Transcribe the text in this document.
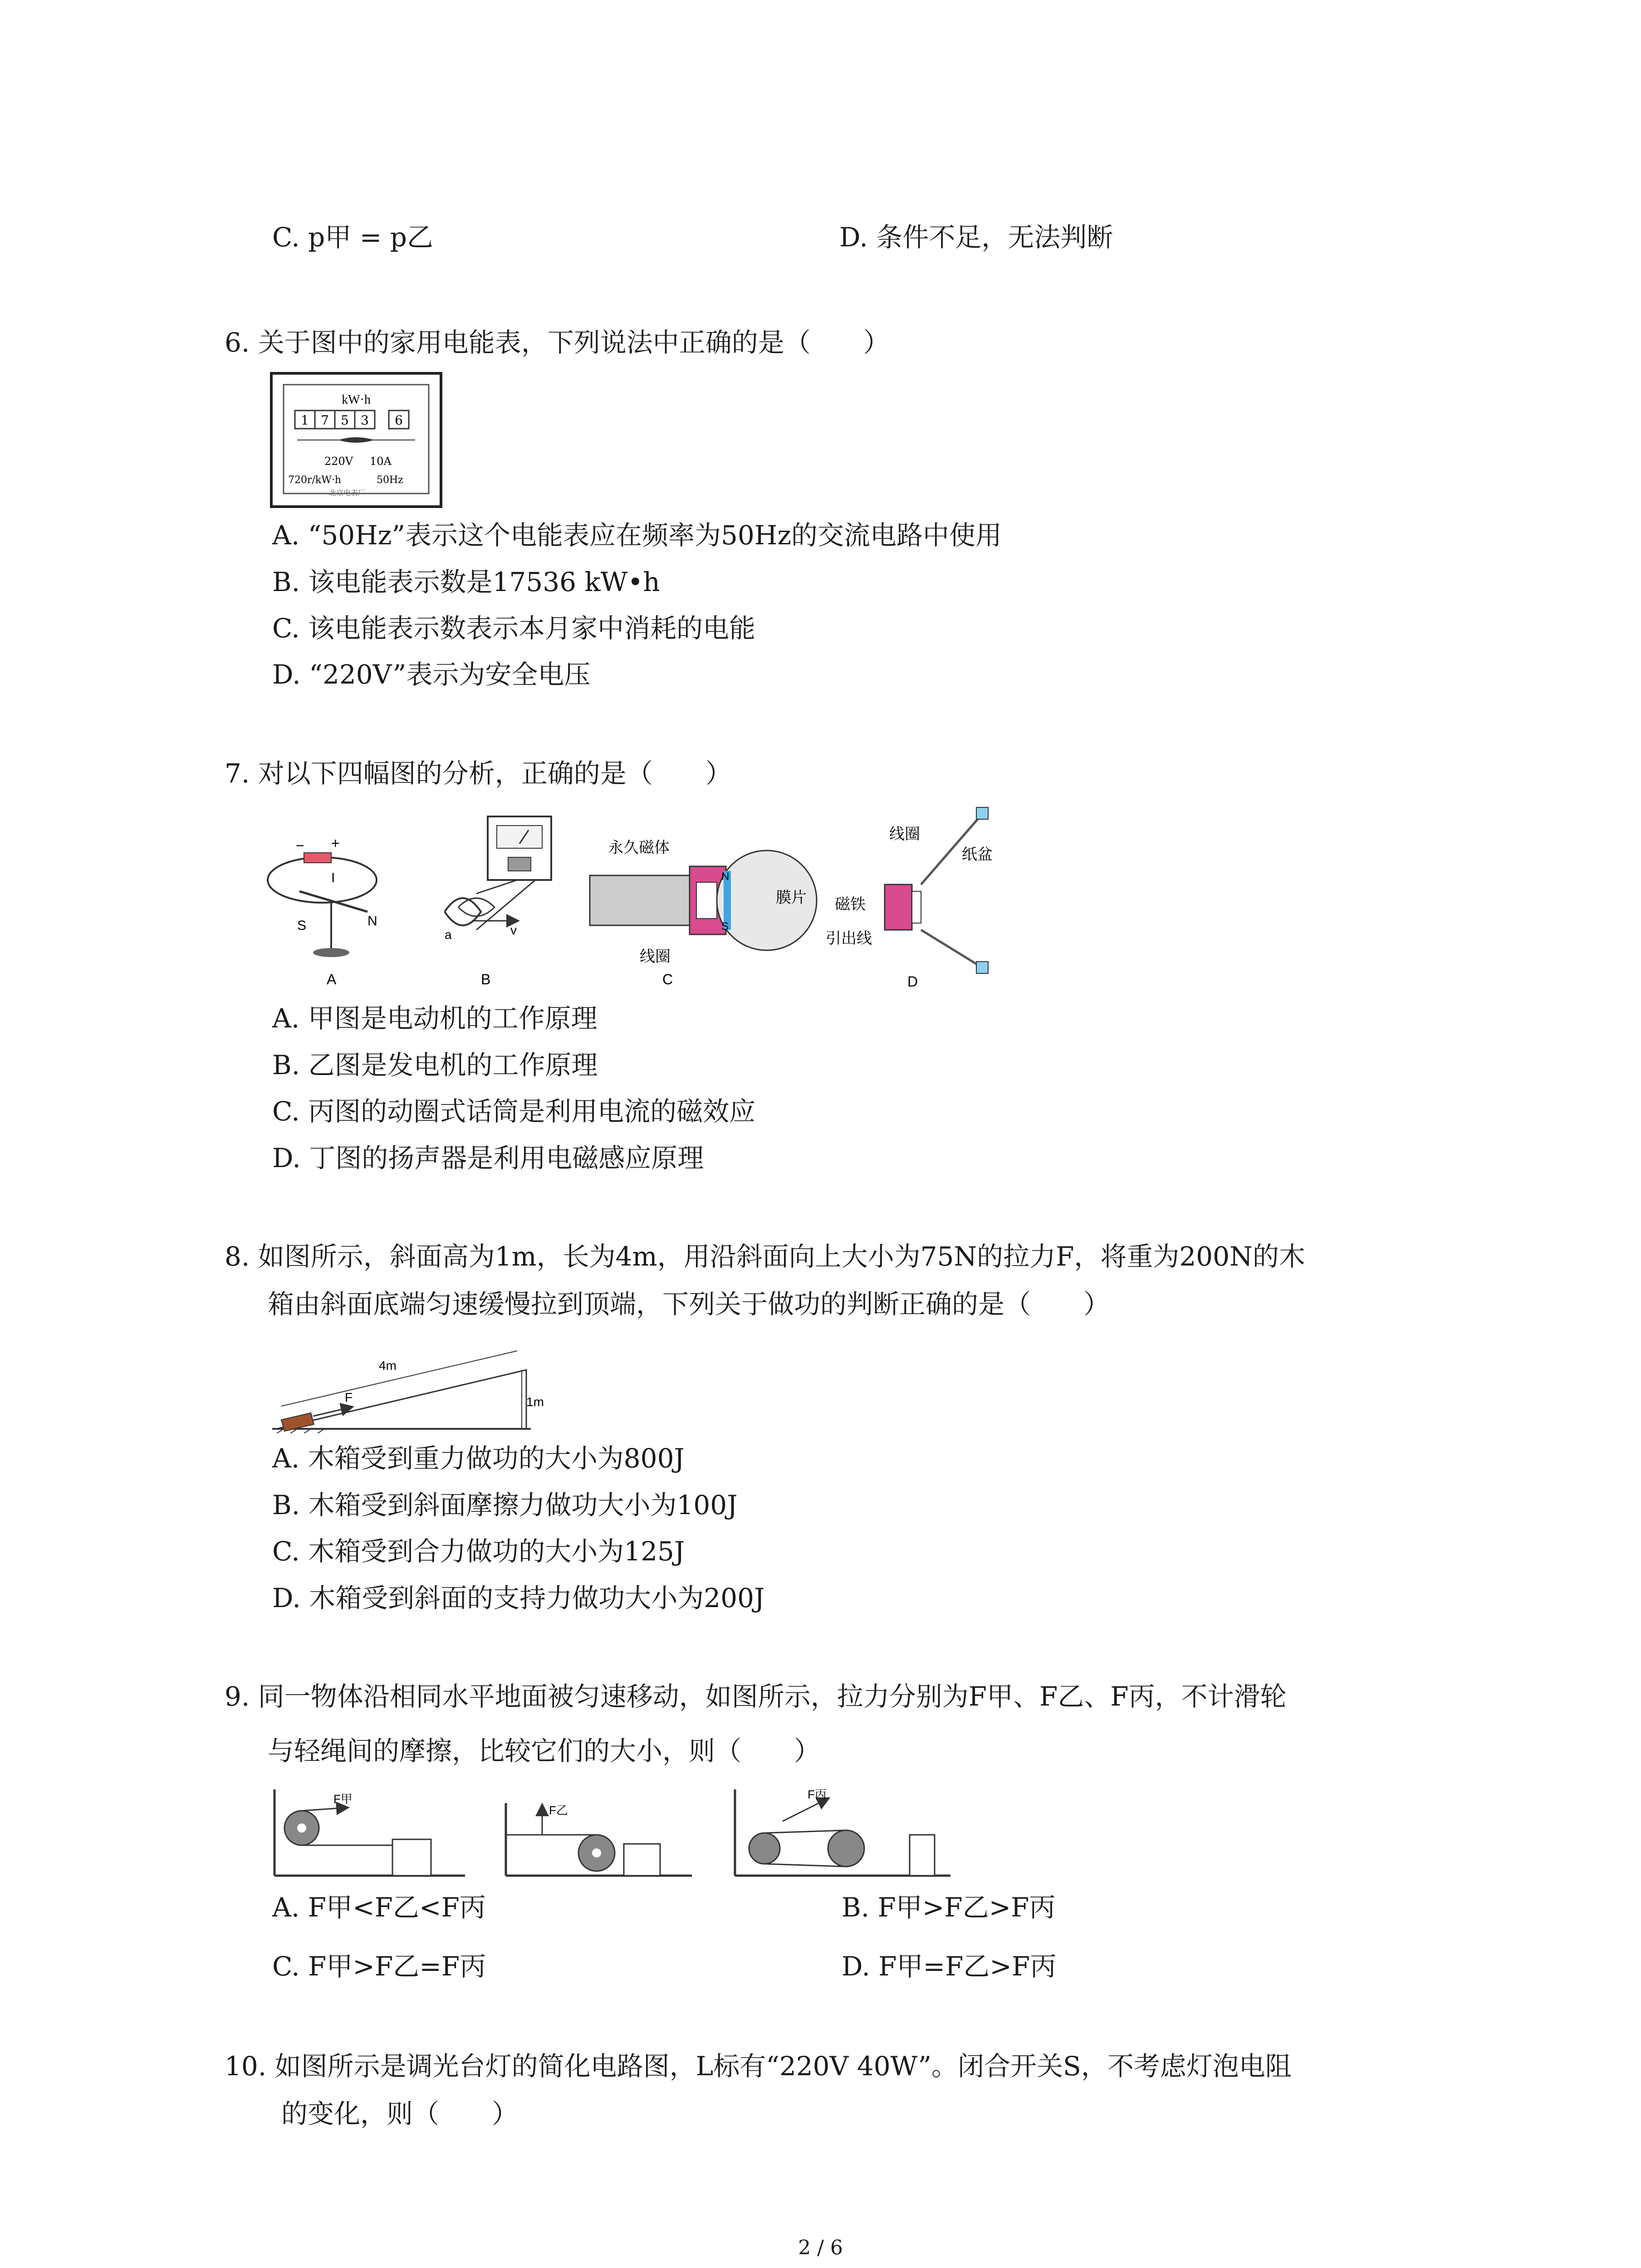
C. p甲 = p乙	D. 条件不足，无法判断
6. 关于图中的家用电能表，下列说法中正确的是（　　）
kW·h
1 7 5 3 6
220V 10A
720r/kW·h	50Hz
北京电表厂
A. “50Hz”表示这个电能表应在频率为50Hz的交流电路中使用
B. 该电能表示数是17536 kW•h
C. 该电能表示数表示本月家中消耗的电能
D. “220V”表示为安全电压
7. 对以下四幅图的分析，正确的是（　　）
− +
I
S	N
A
a	v
B
永久磁体
膜片
线圈
N
S
C
线圈
纸盆
磁铁
引出线
D
A. 甲图是电动机的工作原理
B. 乙图是发电机的工作原理
C. 丙图的动圈式话筒是利用电流的磁效应
D. 丁图的扬声器是利用电磁感应原理
8. 如图所示，斜面高为1m，长为4m，用沿斜面向上大小为75N的拉力F，将重为200N的木
箱由斜面底端匀速缓慢拉到顶端，下列关于做功的判断正确的是（　　）
F
4m
1m
A. 木箱受到重力做功的大小为800J
B. 木箱受到斜面摩擦力做功大小为100J
C. 木箱受到合力做功的大小为125J
D. 木箱受到斜面的支持力做功大小为200J
9. 同一物体沿相同水平地面被匀速移动，如图所示，拉力分别为F甲、F乙、F丙，不计滑轮
与轻绳间的摩擦，比较它们的大小，则（　　）
F甲
F乙
F丙
A. F甲<F乙<F丙	B. F甲>F乙>F丙
C. F甲>F乙=F丙	D. F甲=F乙>F丙
10. 如图所示是调光台灯的简化电路图，L标有“220V 40W”。闭合开关S，不考虑灯泡电阻
的变化，则（　　）
2 / 6
